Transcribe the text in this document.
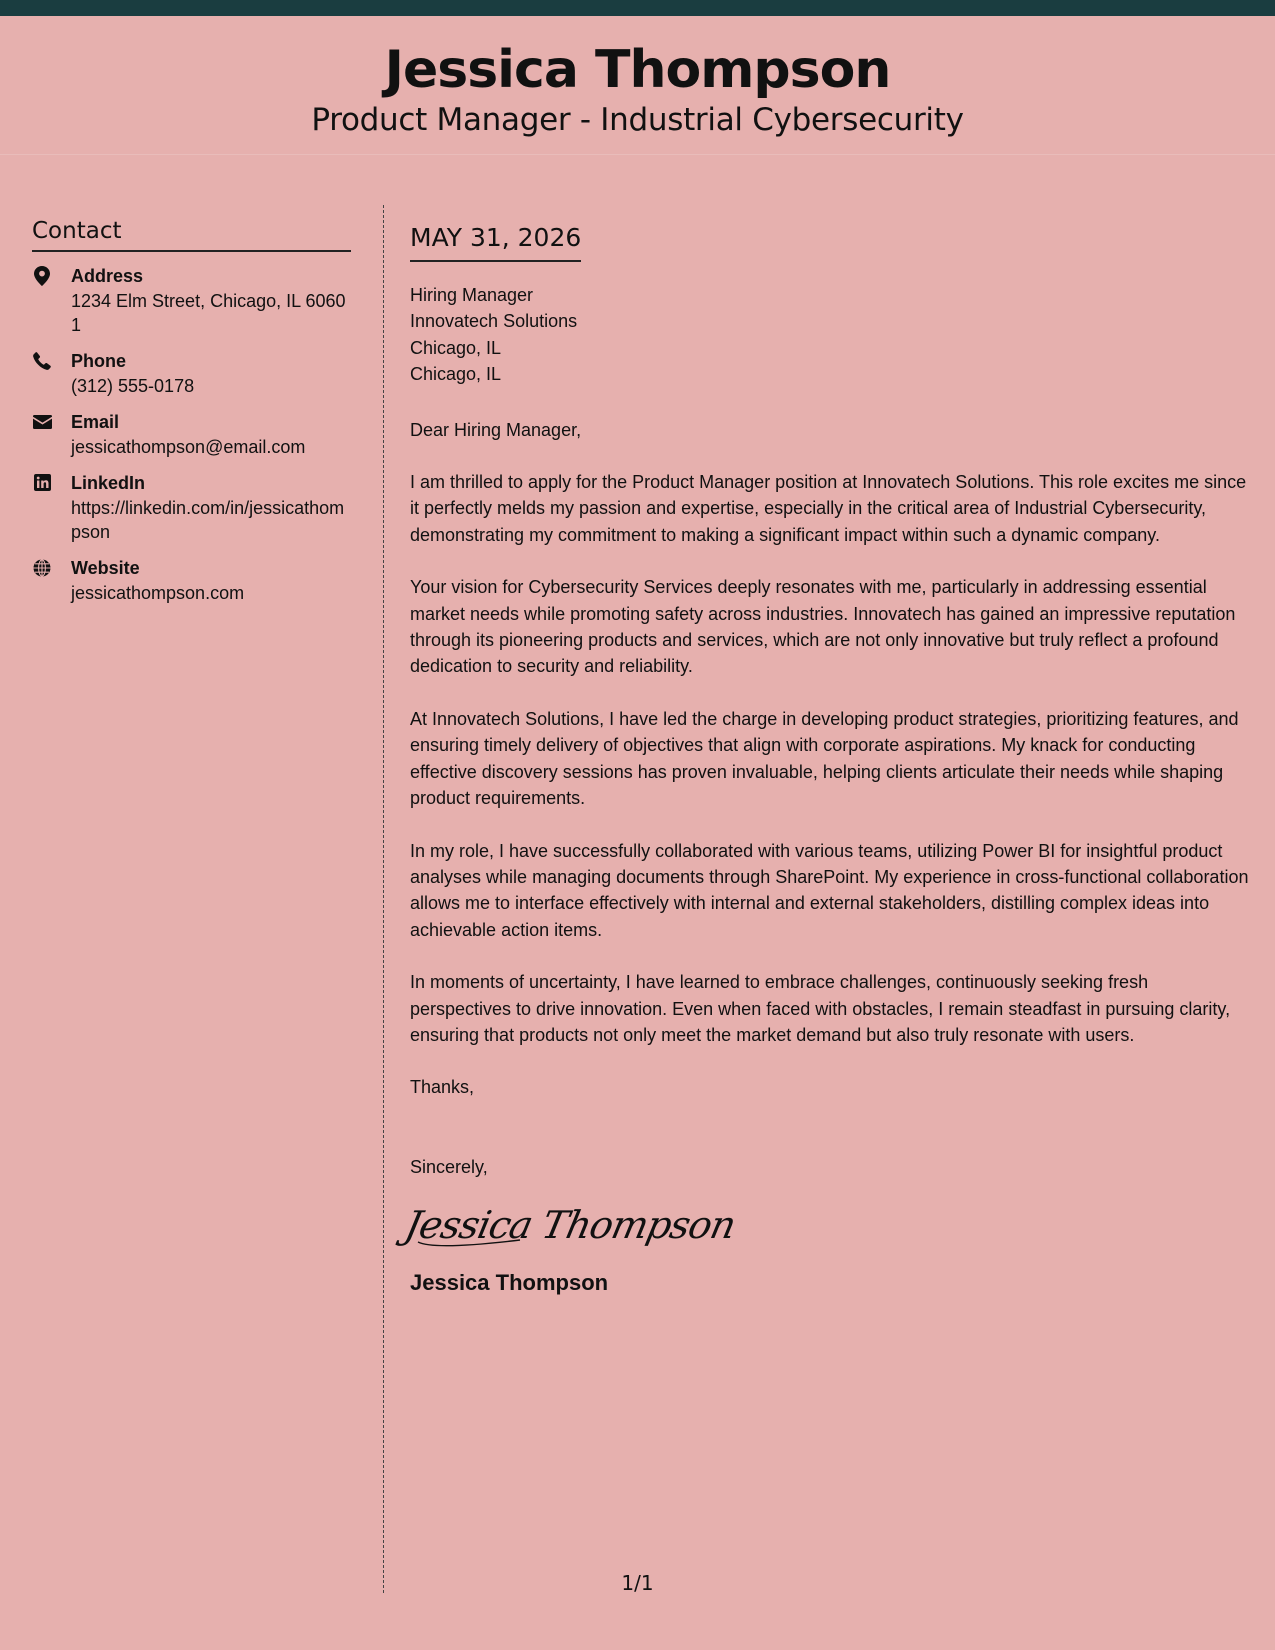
Jessica Thompson
Product Manager - Industrial Cybersecurity
Contact
Address
1234 Elm Street, Chicago, IL 60601
Phone
(312) 555-0178
Email
jessicathompson@email.com
LinkedIn
https://linkedin.com/in/jessicathompson
Website
jessicathompson.com
MAY 31, 2026
Hiring Manager
Innovatech Solutions
Chicago, IL
Chicago, IL
Dear Hiring Manager,

I am thrilled to apply for the Product Manager position at Innovatech Solutions. This role excites me since it perfectly melds my passion and expertise, especially in the critical area of Industrial Cybersecurity, demonstrating my commitment to making a significant impact within such a dynamic company.

Your vision for Cybersecurity Services deeply resonates with me, particularly in addressing essential market needs while promoting safety across industries. Innovatech has gained an impressive reputation through its pioneering products and services, which are not only innovative but truly reflect a profound dedication to security and reliability.

At Innovatech Solutions, I have led the charge in developing product strategies, prioritizing features, and ensuring timely delivery of objectives that align with corporate aspirations. My knack for conducting effective discovery sessions has proven invaluable, helping clients articulate their needs while shaping product requirements.

In my role, I have successfully collaborated with various teams, utilizing Power BI for insightful product analyses while managing documents through SharePoint. My experience in cross-functional collaboration allows me to interface effectively with internal and external stakeholders, distilling complex ideas into achievable action items.

In moments of uncertainty, I have learned to embrace challenges, continuously seeking fresh perspectives to drive innovation. Even when faced with obstacles, I remain steadfast in pursuing clarity, ensuring that products not only meet the market demand but also truly resonate with users.

Thanks,
Sincerely,
Jessica Thompson
Jessica Thompson
1/1
